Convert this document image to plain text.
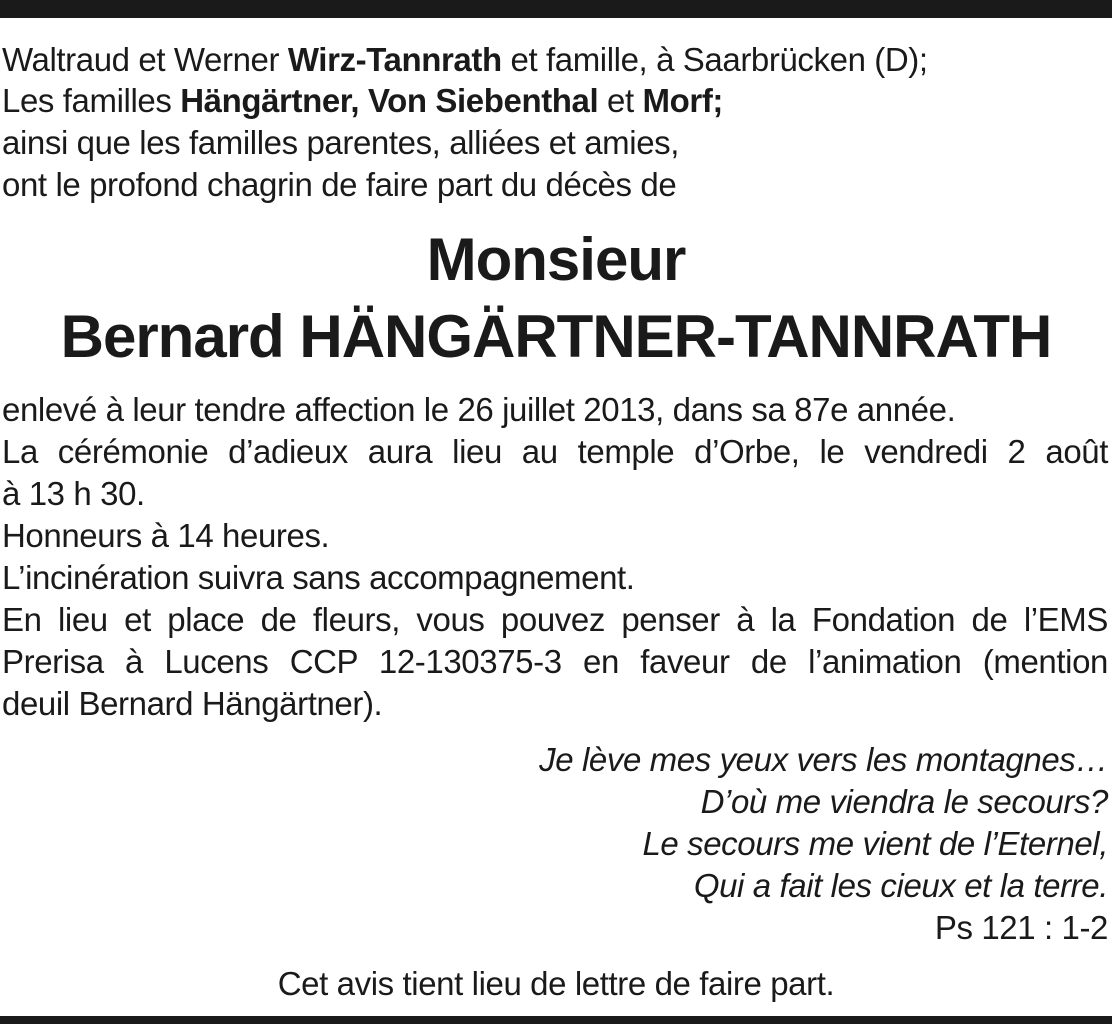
Waltraud et Werner Wirz-Tannrath et famille, à Saarbrücken (D);
Les familles Hängärtner, Von Siebenthal et Morf;
ainsi que les familles parentes, alliées et amies,
ont le profond chagrin de faire part du décès de
Monsieur
Bernard HÄNGÄRTNER-TANNRATH
enlevé à leur tendre affection le 26 juillet 2013, dans sa 87e année.
La cérémonie d’adieux aura lieu au temple d’Orbe, le vendredi 2 août
à 13 h 30.
Honneurs à 14 heures.
L’incinération suivra sans accompagnement.
En lieu et place de fleurs, vous pouvez penser à la Fondation de l’EMS
Prerisa à Lucens CCP 12-130375-3 en faveur de l’animation (mention
deuil Bernard Hängärtner).
Je lève mes yeux vers les montagnes…
D’où me viendra le secours?
Le secours me vient de l’Eternel,
Qui a fait les cieux et la terre.
Ps 121 : 1-2
Cet avis tient lieu de lettre de faire part.
